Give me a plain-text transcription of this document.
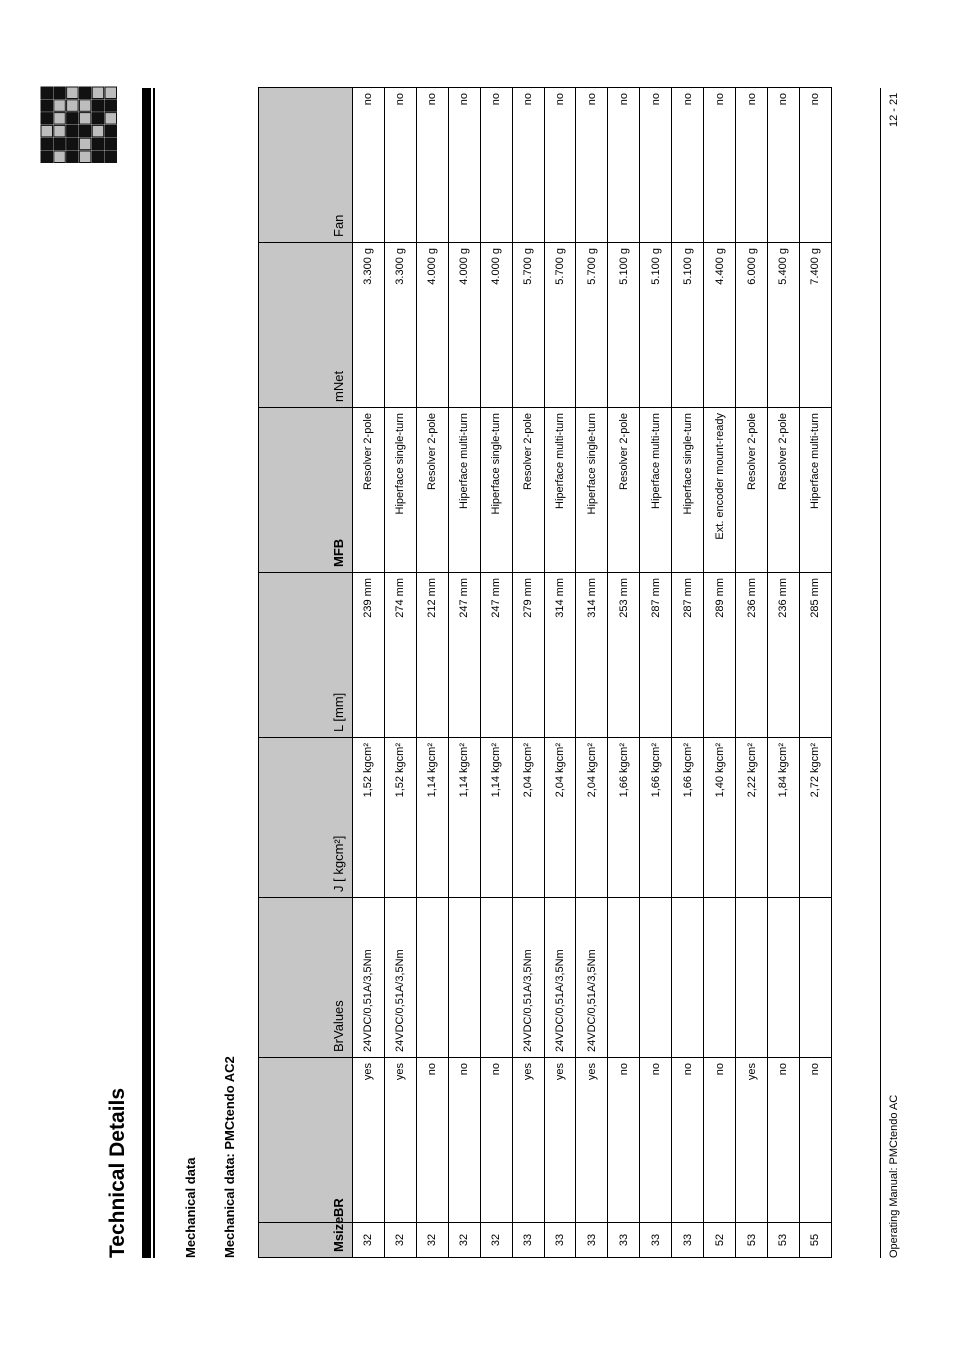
Technical Details	Mechanical data Mechanical data: PMCtendo AC2	Msize	BR	BrValues	J [ kgcm²]	L [mm]	MFB	mNet	Fan
32	yes	24VDC/0,51A/3,5Nm	1,52 kgcm²	239 mm	Resolver 2-pole	3.300 g	no
32	yes	24VDC/0,51A/3,5Nm	1,52 kgcm²	274 mm	Hiperface single-turn	3.300 g	no
32	no		1,14 kgcm²	212 mm	Resolver 2-pole	4.000 g	no
32	no		1,14 kgcm²	247 mm	Hiperface multi-turn	4.000 g	no
32	no		1,14 kgcm²	247 mm	Hiperface single-turn	4.000 g	no
33	yes	24VDC/0,51A/3,5Nm	2,04 kgcm²	279 mm	Resolver 2-pole	5.700 g	no
33	yes	24VDC/0,51A/3,5Nm	2,04 kgcm²	314 mm	Hiperface multi-turn	5.700 g	no
33	yes	24VDC/0,51A/3,5Nm	2,04 kgcm²	314 mm	Hiperface single-turn	5.700 g	no
33	no		1,66 kgcm²	253 mm	Resolver 2-pole	5.100 g	no
33	no		1,66 kgcm²	287 mm	Hiperface multi-turn	5.100 g	no
33	no		1,66 kgcm²	287 mm	Hiperface single-turn	5.100 g	no
52	no		1,40 kgcm²	289 mm	Ext. encoder mount-ready	4.400 g	no
53	yes		2,22 kgcm²	236 mm	Resolver 2-pole	6.000 g	no
53	no		1,84 kgcm²	236 mm	Resolver 2-pole	5.400 g	no
55	no		2,72 kgcm²	285 mm	Hiperface multi-turn	7.400 g	no
Operating Manual: PMCtendo AC
12 - 21
